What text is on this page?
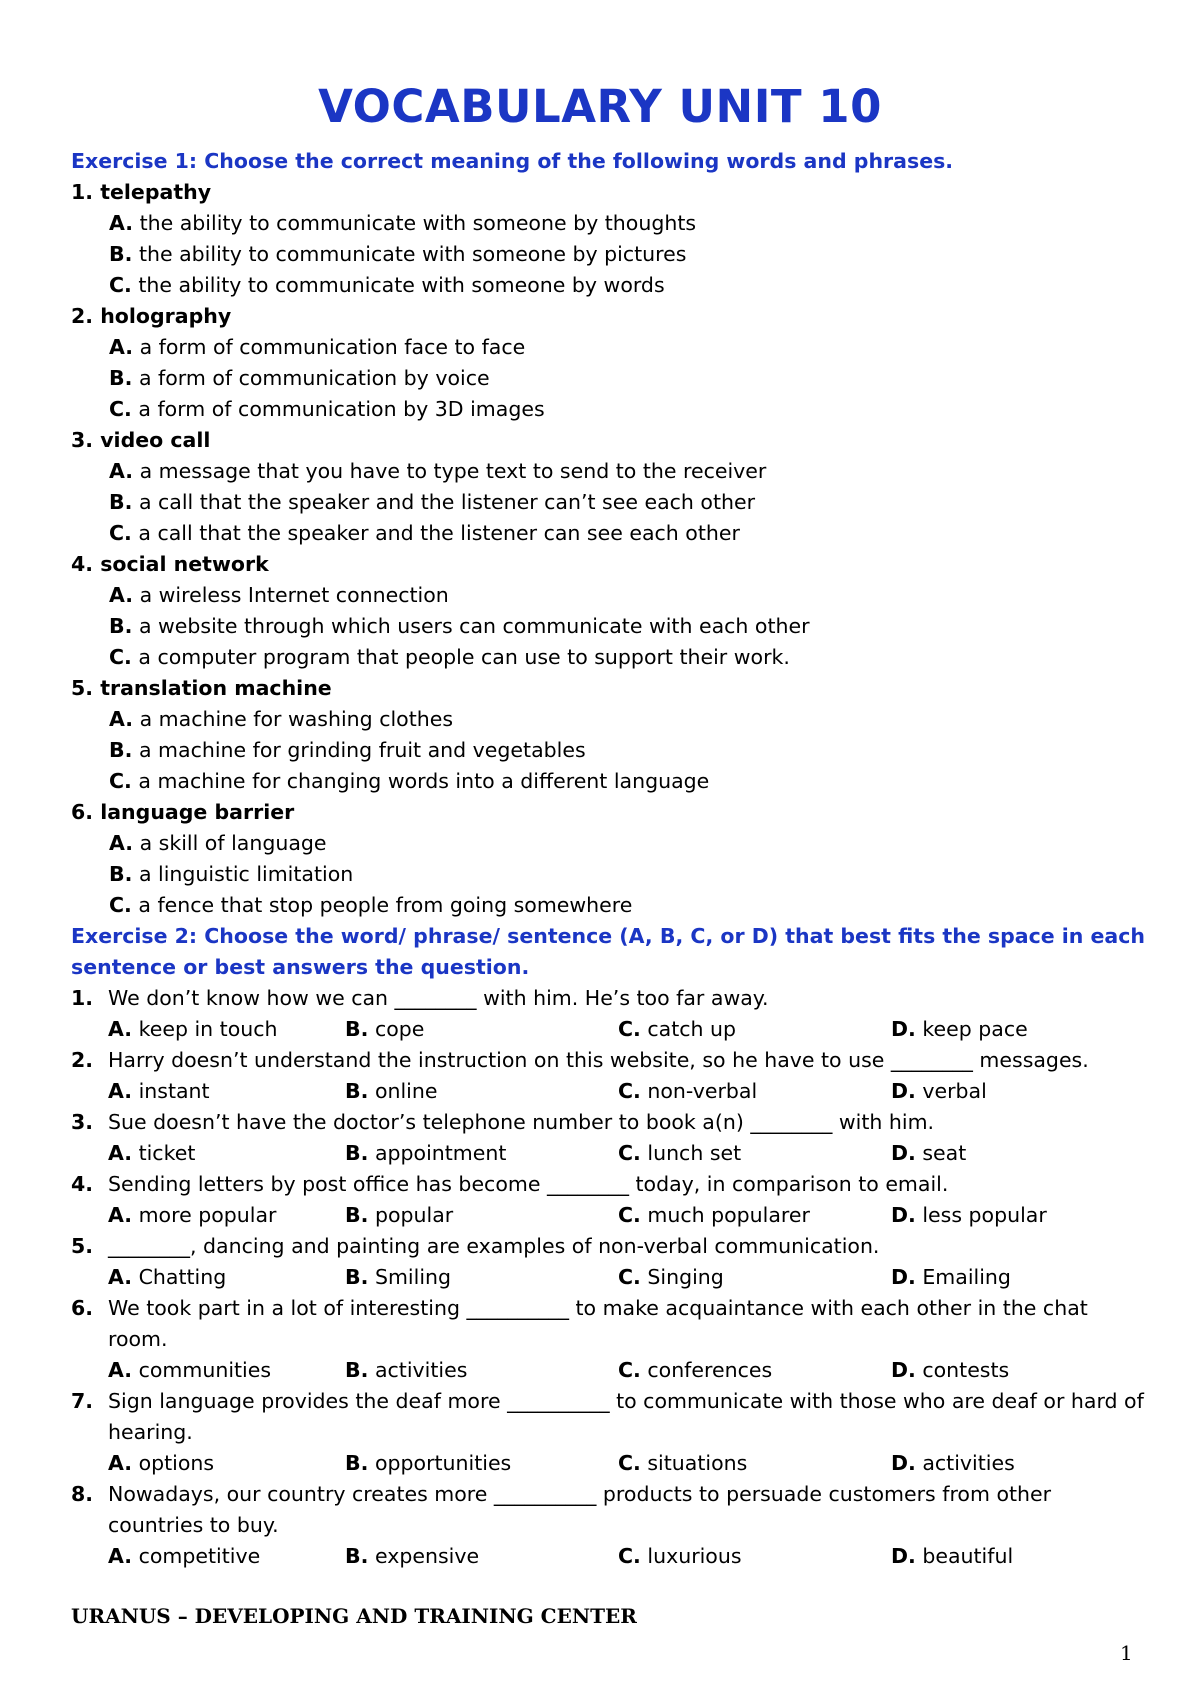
VOCABULARY UNIT 10
Exercise 1: Choose the correct meaning of the following words and phrases.
1. telepathy
A. the ability to communicate with someone by thoughts
B. the ability to communicate with someone by pictures
C. the ability to communicate with someone by words
2. holography
A. a form of communication face to face
B. a form of communication by voice
C. a form of communication by 3D images
3. video call
A. a message that you have to type text to send to the receiver
B. a call that the speaker and the listener can’t see each other
C. a call that the speaker and the listener can see each other
4. social network
A. a wireless Internet connection
B. a website through which users can communicate with each other
C. a computer program that people can use to support their work.
5. translation machine
A. a machine for washing clothes
B. a machine for grinding fruit and vegetables
C. a machine for changing words into a different language
6. language barrier
A. a skill of language
B. a linguistic limitation
C. a fence that stop people from going somewhere
Exercise 2: Choose the word/ phrase/ sentence (A, B, C, or D) that best fits the space in each sentence or best answers the question.
1. We don’t know how we can ________ with him. He’s too far away.
A. keep in touch	B. cope	C. catch up	D. keep pace
2. Harry doesn’t understand the instruction on this website, so he have to use ________ messages.
A. instant	B. online	C. non-verbal	D. verbal
3. Sue doesn’t have the doctor’s telephone number to book a(n) ________ with him.
A. ticket	B. appointment	C. lunch set	D. seat
4. Sending letters by post office has become ________ today, in comparison to email.
A. more popular	B. popular	C. much popularer	D. less popular
5. ________, dancing and painting are examples of non-verbal communication.
A. Chatting	B. Smiling	C. Singing	D. Emailing
6. We took part in a lot of interesting __________ to make acquaintance with each other in the chat room.
A. communities	B. activities	C. conferences	D. contests
7. Sign language provides the deaf more __________ to communicate with those who are deaf or hard of hearing.
A. options	B. opportunities	C. situations	D. activities
8. Nowadays, our country creates more __________ products to persuade customers from other countries to buy.
A. competitive	B. expensive	C. luxurious	D. beautiful
URANUS – DEVELOPING AND TRAINING CENTER
1
